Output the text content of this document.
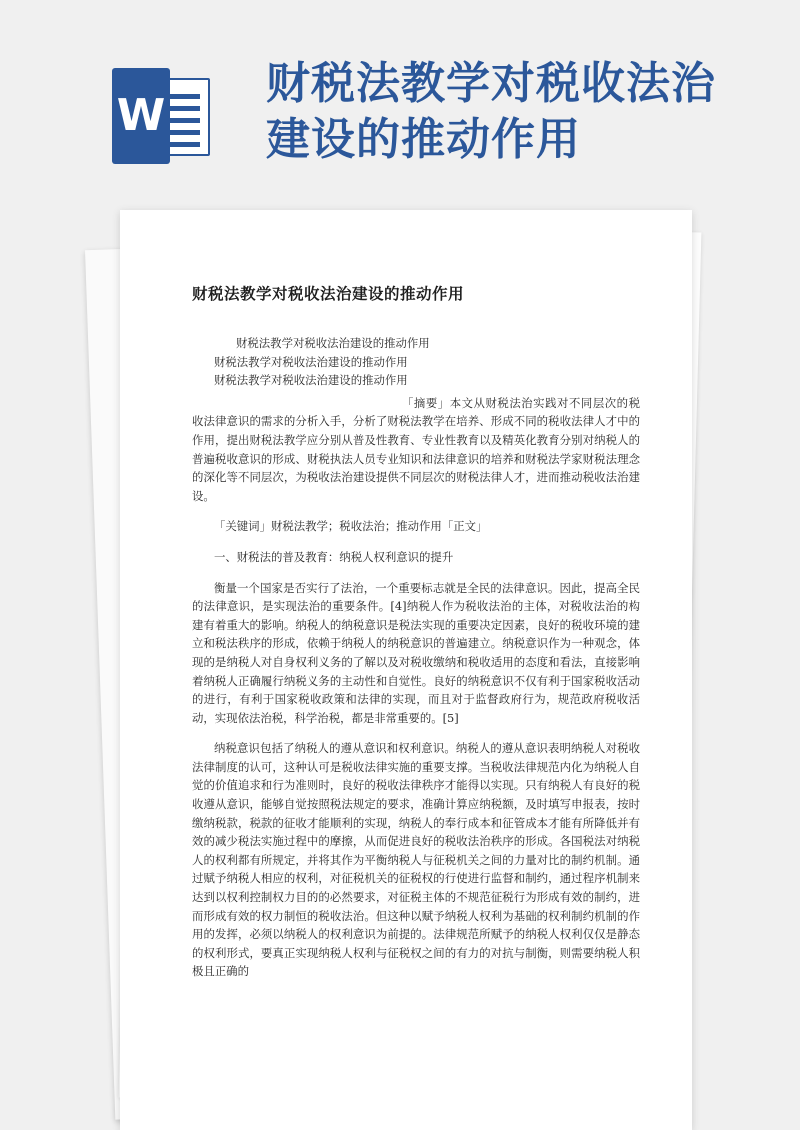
W
财税法教学对税收法治
建设的推动作用
财税法教学对税收法治建设的推动作用
财税法教学对税收法治建设的推动作用  财税法教学对税收法治建设的推动作用  财税法教学对税收法治建设的推动作用

「摘要」本文从财税法治实践对不同层次的税收法律意识的需求的分析入手，分析了财税法教学在培养、形成不同的税收法律人才中的作用，提出财税法教学应分别从普及性教育、专业性教育以及精英化教育分别对纳税人的普遍税收意识的形成、财税执法人员专业知识和法律意识的培养和财税法学家财税法理念的深化等不同层次，为税收法治建设提供不同层次的财税法律人才，进而推动税收法治建设。

「关键词」财税法教学；税收法治；推动作用「正文」

一、财税法的普及教育：纳税人权利意识的提升

衡量一个国家是否实行了法治，一个重要标志就是全民的法律意识。因此，提高全民的法律意识，是实现法治的重要条件。[4]纳税人作为税收法治的主体，对税收法治的构建有着重大的影响。纳税人的纳税意识是税法实现的重要决定因素，良好的税收环境的建立和税法秩序的形成，依赖于纳税人的纳税意识的普遍建立。纳税意识作为一种观念，体现的是纳税人对自身权利义务的了解以及对税收缴纳和税收适用的态度和看法，直接影响着纳税人正确履行纳税义务的主动性和自觉性。良好的纳税意识不仅有利于国家税收活动的进行，有利于国家税收政策和法律的实现，而且对于监督政府行为，规范政府税收活动，实现依法治税，科学治税，都是非常重要的。[5]

纳税意识包括了纳税人的遵从意识和权利意识。纳税人的遵从意识表明纳税人对税收法律制度的认可，这种认可是税收法律实施的重要支撑。当税收法律规范内化为纳税人自觉的价值追求和行为准则时，良好的税收法律秩序才能得以实现。只有纳税人有良好的税收遵从意识，能够自觉按照税法规定的要求，准确计算应纳税额，及时填写申报表，按时缴纳税款，税款的征收才能顺利的实现，纳税人的奉行成本和征管成本才能有所降低并有效的减少税法实施过程中的摩擦，从而促进良好的税收法治秩序的形成。各国税法对纳税人的权利都有所规定，并将其作为平衡纳税人与征税机关之间的力量对比的制约机制。通过赋予纳税人相应的权利，对征税机关的征税权的行使进行监督和制约，通过程序机制来达到以权利控制权力目的的必然要求，对征税主体的不规范征税行为形成有效的制约，进而形成有效的权力制恒的税收法治。但这种以赋予纳税人权利为基础的权利制约机制的作用的发挥，必须以纳税人的权利意识为前提的。法律规范所赋予的纳税人权利仅仅是静态的权利形式，要真正实现纳税人权利与征税权之间的有力的对抗与制衡，则需要纳税人积极且正确的
